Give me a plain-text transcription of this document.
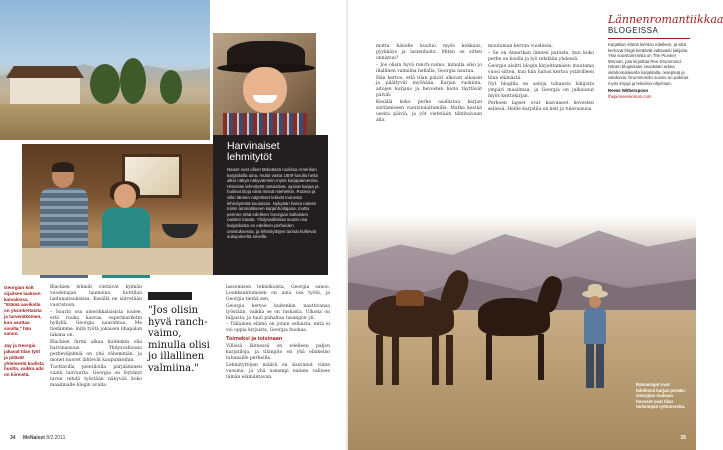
Harvinaiset lehmitytöt
Naiset ovat olleet tärkeässä roolissa Amerikan karjatiloilla aina, mutta vasta 1900-luvulla heitä alkoi näkyä näkyvämmin myös karjapaimenina. Historian lehmitytöt ratsastivat, ajoivat karjaa ja hoitivat tiloja siinä missä miehetkin. Rodeot ja villin lännen näytökset tekivät monesta lehmitytöstä kuuluisan. Nykyään harva nainen toimii ammatikseen karjanhoitajana, mutta perinne elää edelleen Georgian kaltaisten naisten kautta. Yhdysvalloissa suurin osa karjatiloista on edelleen perheiden omistuksessa, ja lehmityttöjen tarinat kulkevat sukupolvelta toiselle.

Georgian kolt sijaitsee laakson kainalossa. "Elämä aavikolla on yksinkertaista ja tarvenäköinen, kun asuttaa sivulla," hän sanoo.

Jay ja Georgia jakavat tilan työt ja pitävät yhteisestä kodista huolta, vaikka arki on kiireistä.

Blackien lehmät viettävät kylmän vuodenajan laumoina kotitilan laidunaitauksissa. Kesällä ne siirretään vuoristoon.

– Suurin osa amerikkalaisista luulee, että ruoka kasvaa supermarketin hyllyllä, Georgia naurahtaa. Me tiedämme, mitä työtä jokaisen lihapalan takana on.

Blackien farmi alkaa kuitenkin olla harvinaisuus. Yhdysvalloissa perheviljelmiä on yhä vähemmän, ja monet nuoret lähtevät kaupunkeihin.

Tuottavilla pientiloilla pärjääminen vaatii luovuutta. Georgia on löytänyt tavan tehdä työstään näkyvää koko maailmalle blogin avulla.

"Jos olisin hyvä ranch-vaimo, minulla olisi jo illallinen valmiina."

lassomisen tekniikoista, Georgia sanoo. Loukkaantumisen on aina osa työtä, ja Georgia tietää sen.

Georgia kertoo kuitenkin nauttivansa työstään, vaikka se on raskasta. Ulkona on hiljaista, ja tuuli puhaltaa tasangon yli.

– Tällainen elämä on jotain sellaista, mitä ei voi oppia kirjoista, Georgia huokaa.

Toimeksi ja toisinaan

Villissä lännessä on edelleen paljon karjatiloja, ja tilanpito on yhä elinkeino tuhansille perheille.

Lehmityttöjen määrä on kasvanut viime vuosina, ja yhä useampi nainen valitsee tämän elämäntavan.

34 MeNaiset 8/2.2011

mutta hänelle kuuluu myös kokkaus, pyykkäys ja lastenhoito. Miten se sitten onnistuu?

– Jos olisin hyvä ranch-vaimo, minulla olisi jo illallinen valmiina hellalla, Georgia nauraa.

Hän kertoo, että tilan päivät alkavat aikaisin ja päättyvät myöhään. Karjan ruokinta, aitojen korjaus ja hevosten hoito täyttävät päivät.

Kesällä koko perhe osallistuu karjan siirtämiseen vuoristolaitumille. Matka kestää useita päiviä, ja yöt vietetään tähtitaivaan alla.

muutaman kerran vuodessa.

– Se on Amerikan lännen parasta, kun koko perhe on koolla ja työ tehdään yhdessä.

Georgia aloitti blogin kirjoittamisen muutama vuosi sitten, kun hän halusi kertoa ystävilleen tilan elämästä.

Nyt blogilla on satoja tuhansia lukijoita ympäri maailmaa, ja Georgia on julkaissut myös keittokirjan.

Perheen lapset ovat kasvaneet hevosten selässä. Heille karjatila on koti ja tulevaisuus.

Lännenromantiikkaa
BLOGEISSA
Karjatilan elämä kiehtoo edelleen, ja siitä kertovat blogit keräävät valtavasti lukijoita. Yksi suosituimmista on The Pioneer Woman, jota kirjoittaa Ree Drummond. Hänen blogissaan seurataan arkea oklahomalaisella karjatilalla, reseptejä ja valokuvia. Drummondin suosio on poikinut myös kirjoja ja televisio-ohjelman.
Reese Witherspoon
thepioneerwoman.com
Ratsastajat ovat lähdössä karjan perään. Georgian mukaan hevoset ovat tilan tärkeimpiä työtovereita.
35
